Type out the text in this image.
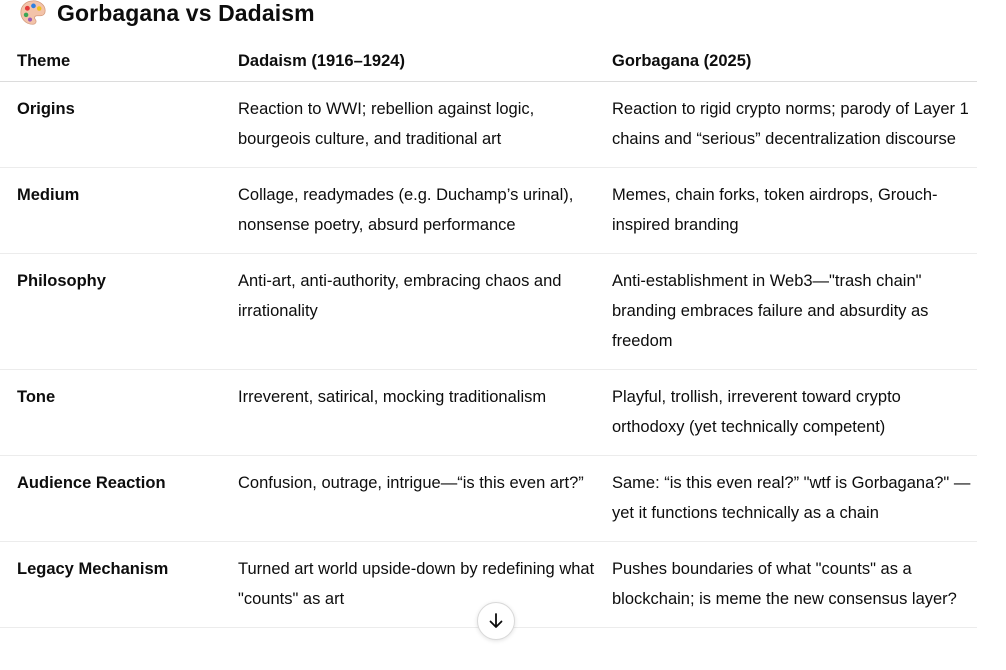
Gorbagana vs Dadaism
Theme	Dadaism (1916–1924)	Gorbagana (2025)
Origins	Reaction to WWI; rebellion against logic, bourgeois culture, and traditional art	Reaction to rigid crypto norms; parody of Layer 1 chains and “serious” decentralization discourse
Medium	Collage, readymades (e.g. Duchamp’s urinal), nonsense poetry, absurd performance	Memes, chain forks, token airdrops, Grouch-inspired branding
Philosophy	Anti-art, anti-authority, embracing chaos and irrationality	Anti-establishment in Web3—"trash chain" branding embraces failure and absurdity as freedom
Tone	Irreverent, satirical, mocking traditionalism	Playful, trollish, irreverent toward crypto orthodoxy (yet technically competent)
Audience Reaction	Confusion, outrage, intrigue—“is this even art?”	Same: “is this even real?” "wtf is Gorbagana?" — yet it functions technically as a chain
Legacy Mechanism	Turned art world upside-down by redefining what "counts" as art	Pushes boundaries of what "counts" as a blockchain; is meme the new consensus layer?
